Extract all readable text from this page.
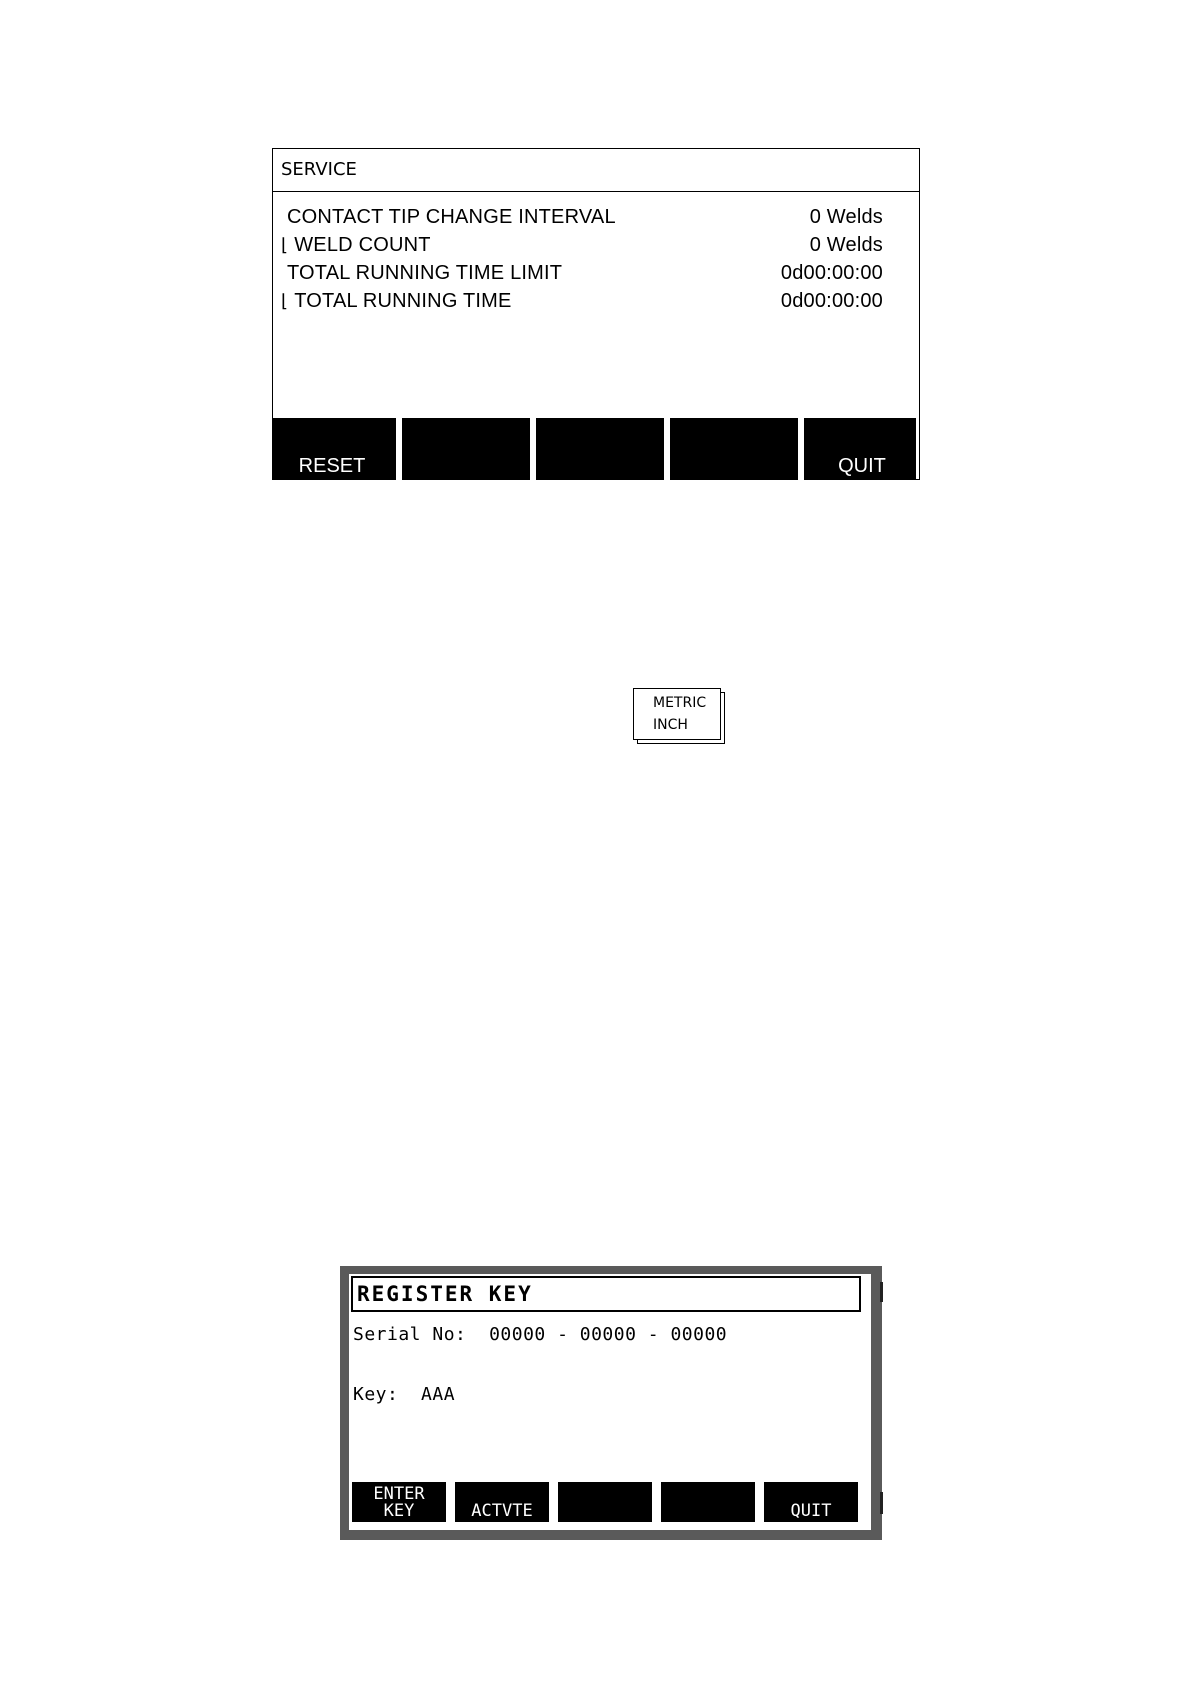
SERVICE
CONTACT TIP CHANGE INTERVAL	0 Welds
⌊ WELD COUNT	0 Welds
TOTAL RUNNING TIME LIMIT	0d00:00:00
⌊ TOTAL RUNNING TIME	0d00:00:00
RESET	QUIT
METRIC
INCH
REGISTER KEY
Serial No: 00000 - 00000 - 00000
Key: AAA
ENTER
KEY	ACTVTE	QUIT
